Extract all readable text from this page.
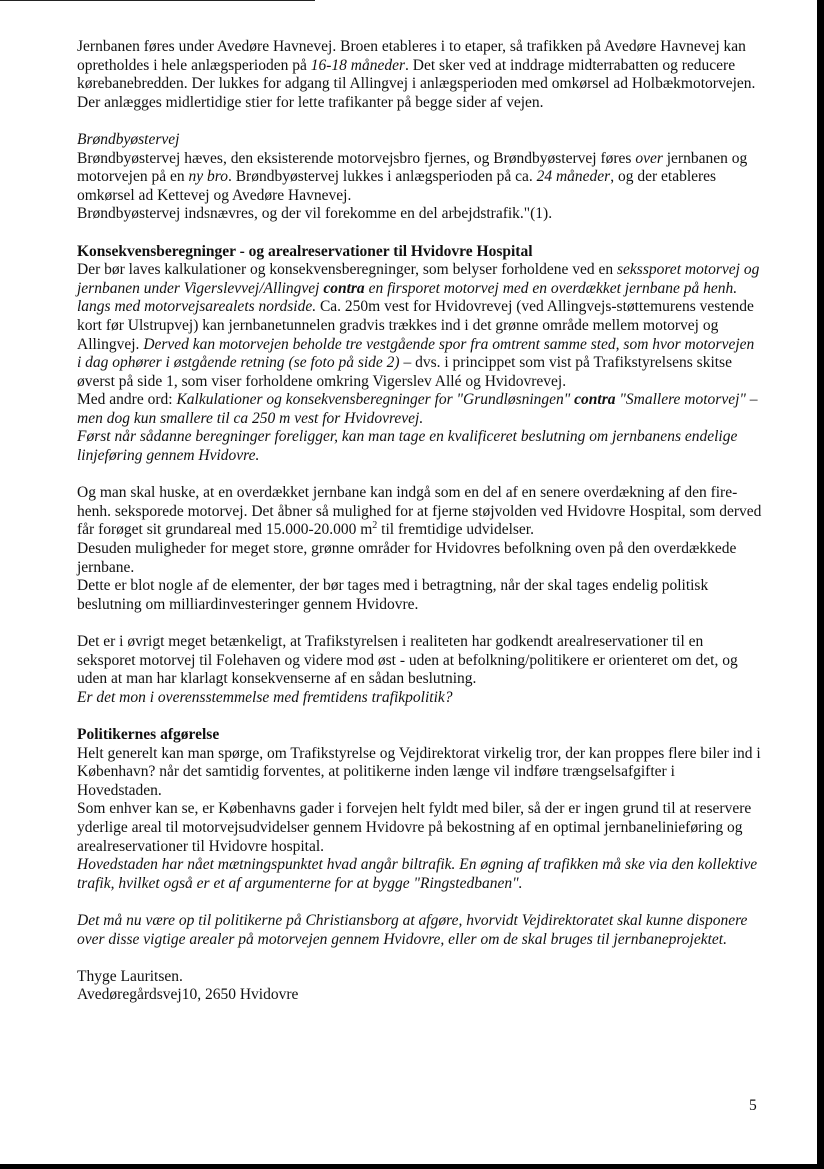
Jernbanen føres under Avedøre Havnevej. Broen etableres i to etaper, så trafikken på Avedøre Havnevej kan opretholdes i hele anlægsperioden på 16-18 måneder. Det sker ved at inddrage midterrabatten og reducere kørebanebredden. Der lukkes for adgang til Allingvej i anlægsperioden med omkørsel ad Holbækmotorvejen. Der anlægges midlertidige stier for lette trafikanter på begge sider af vejen.

Brøndbyøstervej

Brøndbyøstervej hæves, den eksisterende motorvejsbro fjernes, og Brøndbyøstervej føres over jernbanen og motorvejen på en ny bro. Brøndbyøstervej lukkes i anlægsperioden på ca. 24 måneder, og der etableres omkørsel ad Kettevej og Avedøre Havnevej.

Brøndbyøstervej indsnævres, og der vil forekomme en del arbejdstrafik."(1).

Konsekvensberegninger - og arealreservationer til Hvidovre Hospital

Der bør laves kalkulationer og konsekvensberegninger, som belyser forholdene ved en sekssporet motorvej og jernbanen under Vigerslevvej/Allingvej contra en firsporet motorvej med en overdækket jernbane på henh. langs med motorvejsarealets nordside. Ca. 250m vest for Hvidovrevej (ved Allingvejs-støttemurens vestende kort før Ulstrupvej) kan jernbanetunnelen gradvis trækkes ind i det grønne område mellem motorvej og Allingvej. Derved kan motorvejen beholde tre vestgående spor fra omtrent samme sted, som hvor motorvejen i dag ophører i østgående retning (se foto på side 2) – dvs. i princippet som vist på Trafikstyrelsens skitse øverst på side 1, som viser forholdene omkring Vigerslev Allé og Hvidovrevej.

Med andre ord: Kalkulationer og konsekvensberegninger for "Grundløsningen" contra "Smallere motorvej" – men dog kun smallere til ca 250 m vest for Hvidovrevej.

Først når sådanne beregninger foreligger, kan man tage en kvalificeret beslutning om jernbanens endelige linjeføring gennem Hvidovre.

Og man skal huske, at en overdækket jernbane kan indgå som en del af en senere overdækning af den fire- henh. seksporede motorvej. Det åbner så mulighed for at fjerne støjvolden ved Hvidovre Hospital, som derved får forøget sit grundareal med 15.000-20.000 $m^2$ til fremtidige udvidelser.

Desuden muligheder for meget store, grønne områder for Hvidovres befolkning oven på den overdækkede jernbane.

Dette er blot nogle af de elementer, der bør tages med i betragtning, når der skal tages endelig politisk beslutning om milliardinvesteringer gennem Hvidovre.

Det er i øvrigt meget betænkeligt, at Trafikstyrelsen i realiteten har godkendt arealreservationer til en seksporet motorvej til Folehaven og videre mod øst - uden at befolkning/politikere er orienteret om det, og uden at man har klarlagt konsekvenserne af en sådan beslutning.

Er det mon i overensstemmelse med fremtidens trafikpolitik?

Politikernes afgørelse

Helt generelt kan man spørge, om Trafikstyrelse og Vejdirektorat virkelig tror, der kan proppes flere biler ind i København? når det samtidig forventes, at politikerne inden længe vil indføre trængselsafgifter i Hovedstaden.

Som enhver kan se, er Københavns gader i forvejen helt fyldt med biler, så der er ingen grund til at reservere yderlige areal til motorvejsudvidelser gennem Hvidovre på bekostning af en optimal jernbanelinieføring og arealreservationer til Hvidovre hospital.

Hovedstaden har nået mætningspunktet hvad angår biltrafik. En øgning af trafikken må ske via den kollektive trafik, hvilket også er et af argumenterne for at bygge "Ringstedbanen".

Det må nu være op til politikerne på Christiansborg at afgøre, hvorvidt Vejdirektoratet skal kunne disponere over disse vigtige arealer på motorvejen gennem Hvidovre, eller om de skal bruges til jernbaneprojektet.

Thyge Lauritsen.

Avedøregårdsvej10, 2650 Hvidovre

5
